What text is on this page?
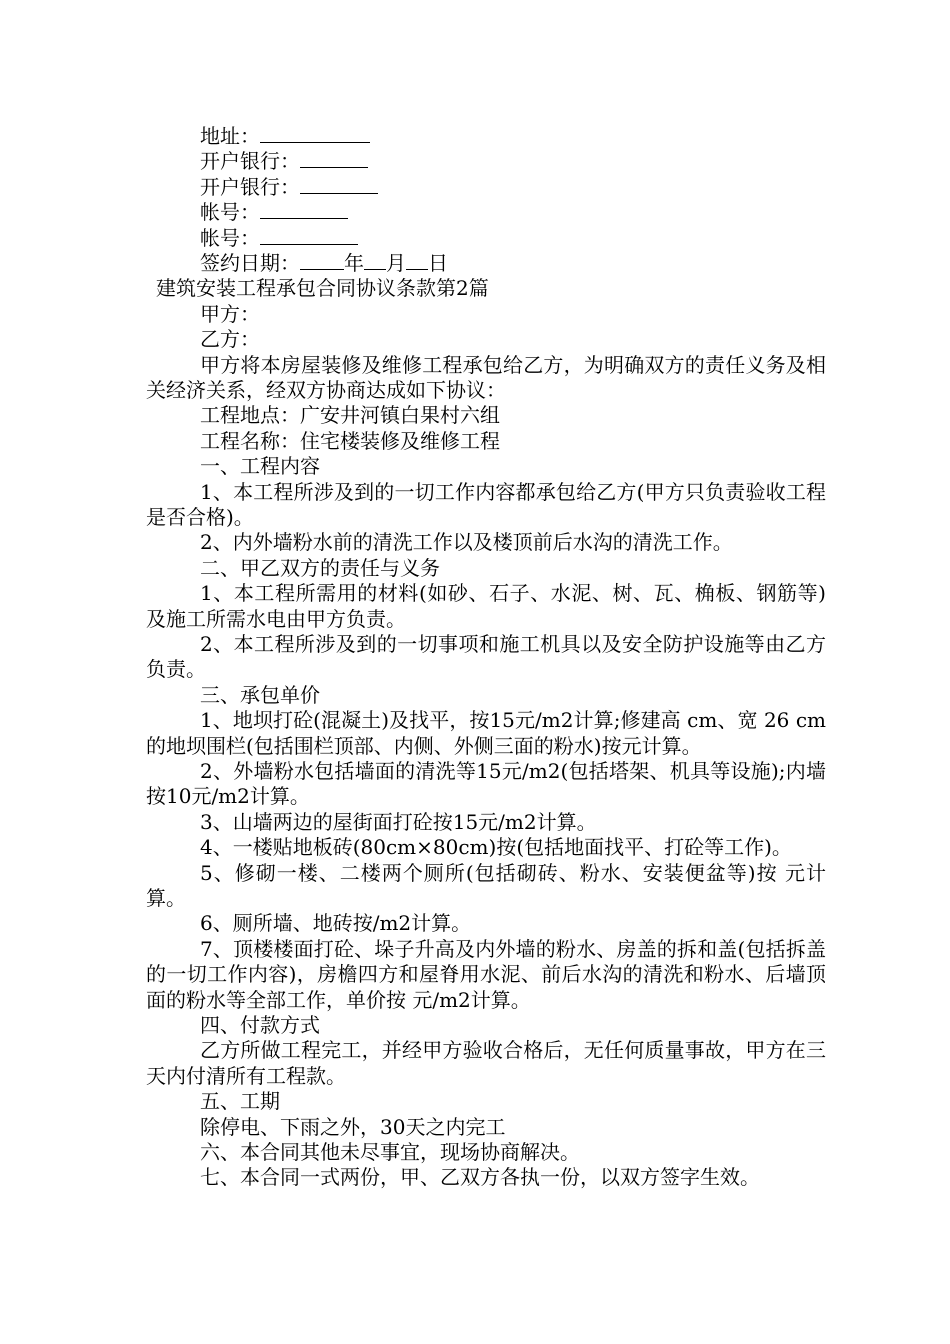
地址：
开户银行：
开户银行：
帐号：
帐号：
签约日期： 年 月 日
建筑安装工程承包合同协议条款第2篇
甲方：
乙方：
甲方将本房屋装修及维修工程承包给乙方，为明确双方的责任义务及相关经济关系，经双方协商达成如下协议：
工程地点：广安井河镇白果村六组
工程名称：住宅楼装修及维修工程
一、工程内容
1、本工程所涉及到的一切工作内容都承包给乙方(甲方只负责验收工程是否合格)。
2、内外墙粉水前的清洗工作以及楼顶前后水沟的清洗工作。
二、甲乙双方的责任与义务
1、本工程所需用的材料(如砂、石子、水泥、树、瓦、桷板、钢筋等)及施工所需水电由甲方负责。
2、本工程所涉及到的一切事项和施工机具以及安全防护设施等由乙方负责。
三、承包单价
1、地坝打砼(混凝土)及找平，按15元/m2计算;修建高 cm、宽 26 cm的地坝围栏(包括围栏顶部、内侧、外侧三面的粉水)按元计算。
2、外墙粉水包括墙面的清洗等15元/m2(包括塔架、机具等设施);内墙按10元/m2计算。
3、山墙两边的屋街面打砼按15元/m2计算。
4、一楼贴地板砖(80cm×80cm)按(包括地面找平、打砼等工作)。
5、修砌一楼、二楼两个厕所(包括砌砖、粉水、安装便盆等)按 元计算。
6、厕所墙、地砖按/m2计算。
7、顶楼楼面打砼、垛子升高及内外墙的粉水、房盖的拆和盖(包括拆盖的一切工作内容)，房檐四方和屋脊用水泥、前后水沟的清洗和粉水、后墙顶面的粉水等全部工作，单价按 元/m2计算。
四、付款方式
乙方所做工程完工，并经甲方验收合格后，无任何质量事故，甲方在三天内付清所有工程款。
五、工期
除停电、下雨之外，30天之内完工
六、本合同其他未尽事宜，现场协商解决。
七、本合同一式两份，甲、乙双方各执一份，以双方签字生效。
